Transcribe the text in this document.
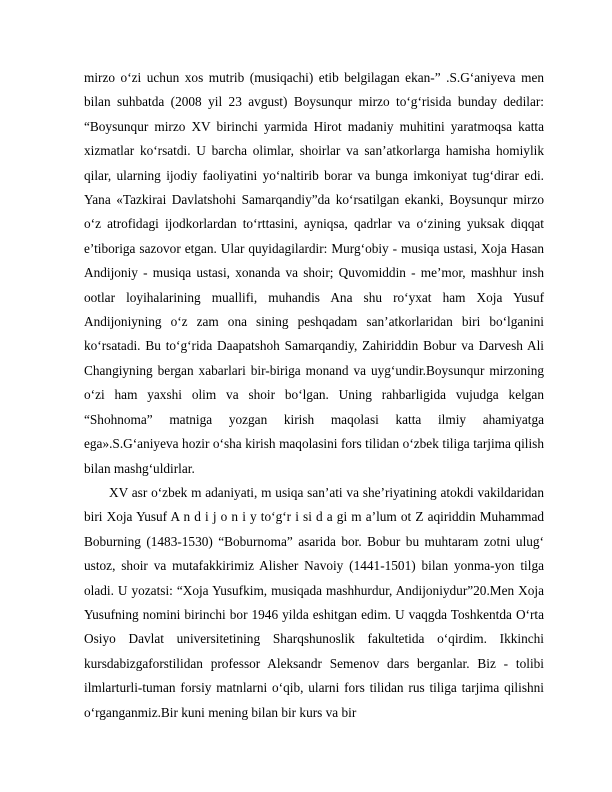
mirzo o‘zi uchun xos mutrib (musiqachi) etib belgilagan ekan-” .S.G‘aniyeva men bilan suhbatda (2008 yil 23 avgust) Boysunqur mirzo to‘g‘risida bunday dedilar: “Boysunqur mirzo XV birinchi yarmida Hirot madaniy muhitini yaratmoqsa katta xizmatlar ko‘rsatdi. U barcha olimlar, shoirlar va san’atkorlarga hamisha homiylik qilar, ularning ijodiy faoliyatini yo‘naltirib borar va bunga imkoniyat tug‘dirar edi. Yana «Tazkirai Davlatshohi Samarqandiy”da ko‘rsatilgan ekanki, Boysunqur mirzo o‘z atrofidagi ijodkorlardan to‘rttasini, ayniqsa, qadrlar va o‘zining yuksak diqqat e’tiboriga sazovor etgan. Ular quyidagilardir: Murg‘obiy - musiqa ustasi, Xoja Hasan Andijoniy - musiqa ustasi, xonanda va shoir; Quvomiddin - me’mor, mashhur insh ootlar loyihalarining muallifi, muhandis Ana shu ro‘yxat ham Xoja Yusuf Andijoniyning o‘z zam ona sining peshqadam san’atkorlaridan biri bo‘lganini ko‘rsatadi. Bu to‘g‘rida Daapatshoh Samarqandiy, Zahiriddin Bobur va Darvesh Ali Changiyning bergan xabarlari bir-biriga monand va uyg‘undir.Boysunqur mirzoning o‘zi ham yaxshi olim va shoir bo‘lgan. Uning rahbarligida vujudga kelgan “Shohnoma” matniga yozgan kirish maqolasi katta ilmiy ahamiyatga ega».S.G‘aniyeva hozir o‘sha kirish maqolasini fors tilidan o‘zbek tiliga tarjima qilish bilan mashg‘uldirlar.

XV asr o‘zbek m adaniyati, m usiqa san’ati va she’riyatining atokdi vakildaridan biri Xoja Yusuf A n d i j o n i y to‘g‘r i si d a gi m a’lum ot Z aqiriddin Muhammad Boburning (1483-1530) “Boburnoma” asarida bor. Bobur bu muhtaram zotni ulug‘ ustoz, shoir va mutafakkirimiz Alisher Navoiy (1441-1501) bilan yonma-yon tilga oladi. U yozatsi: “Xoja Yusufkim, musiqada mashhurdur, Andijoniydur”20.Men Xoja Yusufning nomini birinchi bor 1946 yilda eshitgan edim. U vaqgda Toshkentda O‘rta Osiyo Davlat universitetining Sharqshunoslik fakultetida o‘qirdim. Ikkinchi kursdabizgaforstilidan professor Aleksandr Semenov dars berganlar. Biz - tolibi ilmlarturli-tuman forsiy matnlarni o‘qib, ularni fors tilidan rus tiliga tarjima qilishni o‘rganganmiz.Bir kuni mening bilan bir kurs va bir
